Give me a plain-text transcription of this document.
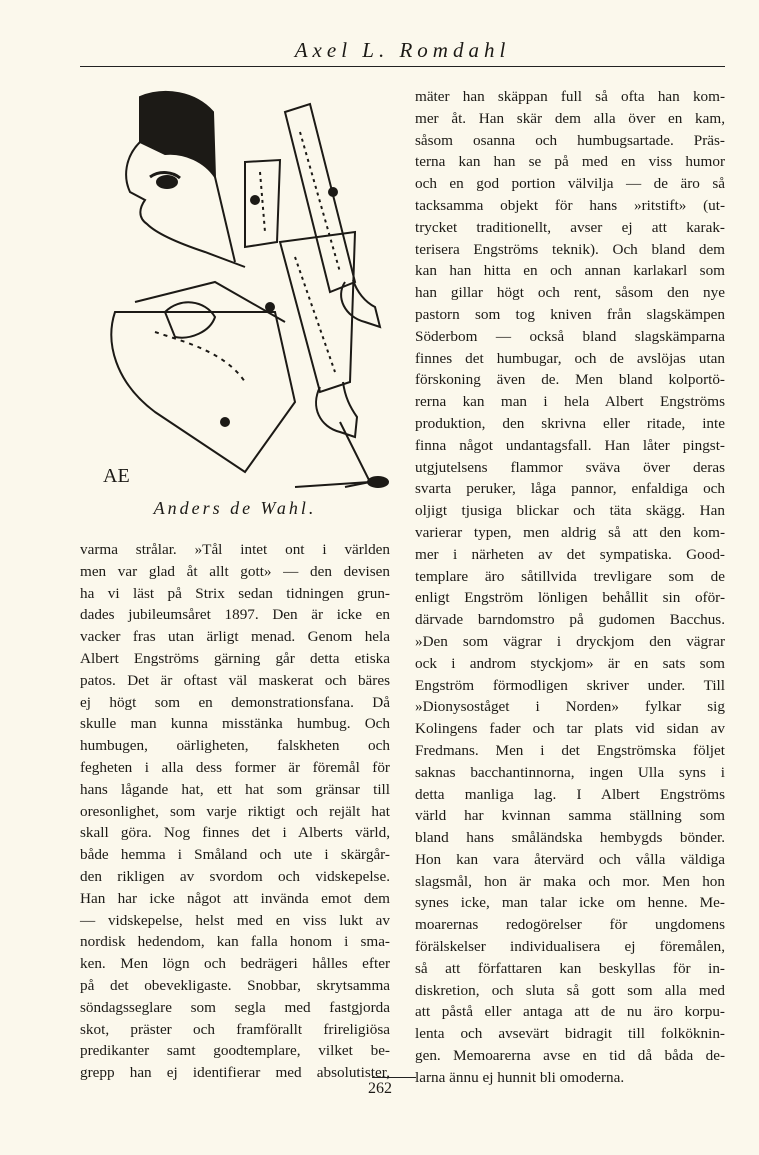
Axel L. Romdahl
AE
Anders de Wahl.

varma strålar. »Tål intet ont i världen

men var glad åt allt gott» — den devisen

ha vi läst på Strix sedan tidningen grun-

dades jubileumsåret 1897. Den är icke en

vacker fras utan ärligt menad. Genom hela

Albert Engströms gärning går detta etiska

patos. Det är oftast väl maskerat och bäres

ej högt som en demonstrationsfana. Då

skulle man kunna misstänka humbug. Och

humbugen, oärligheten, falskheten och

fegheten i alla dess former är föremål för

hans lågande hat, ett hat som gränsar till

oresonlighet, som varje riktigt och rejält hat

skall göra. Nog finnes det i Alberts värld,

både hemma i Småland och ute i skärgår-

den rikligen av svordom och vidskepelse.

Han har icke något att invända emot dem

— vidskepelse, helst med en viss lukt av

nordisk hedendom, kan falla honom i smа-

ken. Men lögn och bedrägeri hålles efter

på det obevekligaste. Snobbar, skrytsamma

söndagsseglare som segla med fastgjorda

skot, präster och framförallt frireligiösa

predikanter samt goodtemplare, vilket be-

grepp han ej identifierar med absolutister,

mäter han skäppan full så ofta han kom-

mer åt. Han skär dem alla över en kam,

såsom osanna och humbugsartade. Präs-

terna kan han se på med en viss humor

och en god portion välvilja — de äro så

tacksamma objekt för hans »ritstift» (ut-

trycket traditionellt, avser ej att karak-

terisera Engströms teknik). Och bland dem

kan han hitta en och annan karlakarl som

han gillar högt och rent, såsom den nye

pastorn som tog kniven från slagskämpen

Söderbom — också bland slagskämparna

finnes det humbugar, och de avslöjas utan

förskoning även de. Men bland kolportö-

rerna kan man i hela Albert Engströms

produktion, den skrivna eller ritade, inte

finna något undantagsfall. Han låter pingst-

utgjutelsens flammor sväva över deras

svarta peruker, låga pannor, enfaldiga och

oljigt tjusiga blickar och täta skägg. Han

varierar typen, men aldrig så att den kom-

mer i närheten av det sympatiska. Good-

templare äro såtillvida trevligare som de

enligt Engström lönligen behållit sin oför-

därvade barndomstro på gudomen Bacchus.

»Den som vägrar i dryckjom den vägrar

ock i androm styckjom» är en sats som

Engström förmodligen skriver under. Till

»Dionysoståget i Norden» fylkar sig

Kolingens fader och tar plats vid sidan av

Fredmans. Men i det Engströmska följet

saknas bacchantinnorna, ingen Ulla syns i

detta manliga lag. I Albert Engströms

värld har kvinnan samma ställning som

bland hans småländska hembygds bönder.

Hon kan vara återvärd och vålla väldiga

slagsmål, hon är maka och mor. Men hon

synes icke, man talar icke om henne. Me-

moarernas redogörelser för ungdomens

förälskelser individualisera ej föremålen,

så att författaren kan beskyllas för in-

diskretion, och sluta så gott som alla med

att påstå eller antaga att de nu äro korpu-

lenta och avsevärt bidragit till folköknin-

gen. Memoarerna avse en tid då båda de-

larna ännu ej hunnit bli omoderna.

262
